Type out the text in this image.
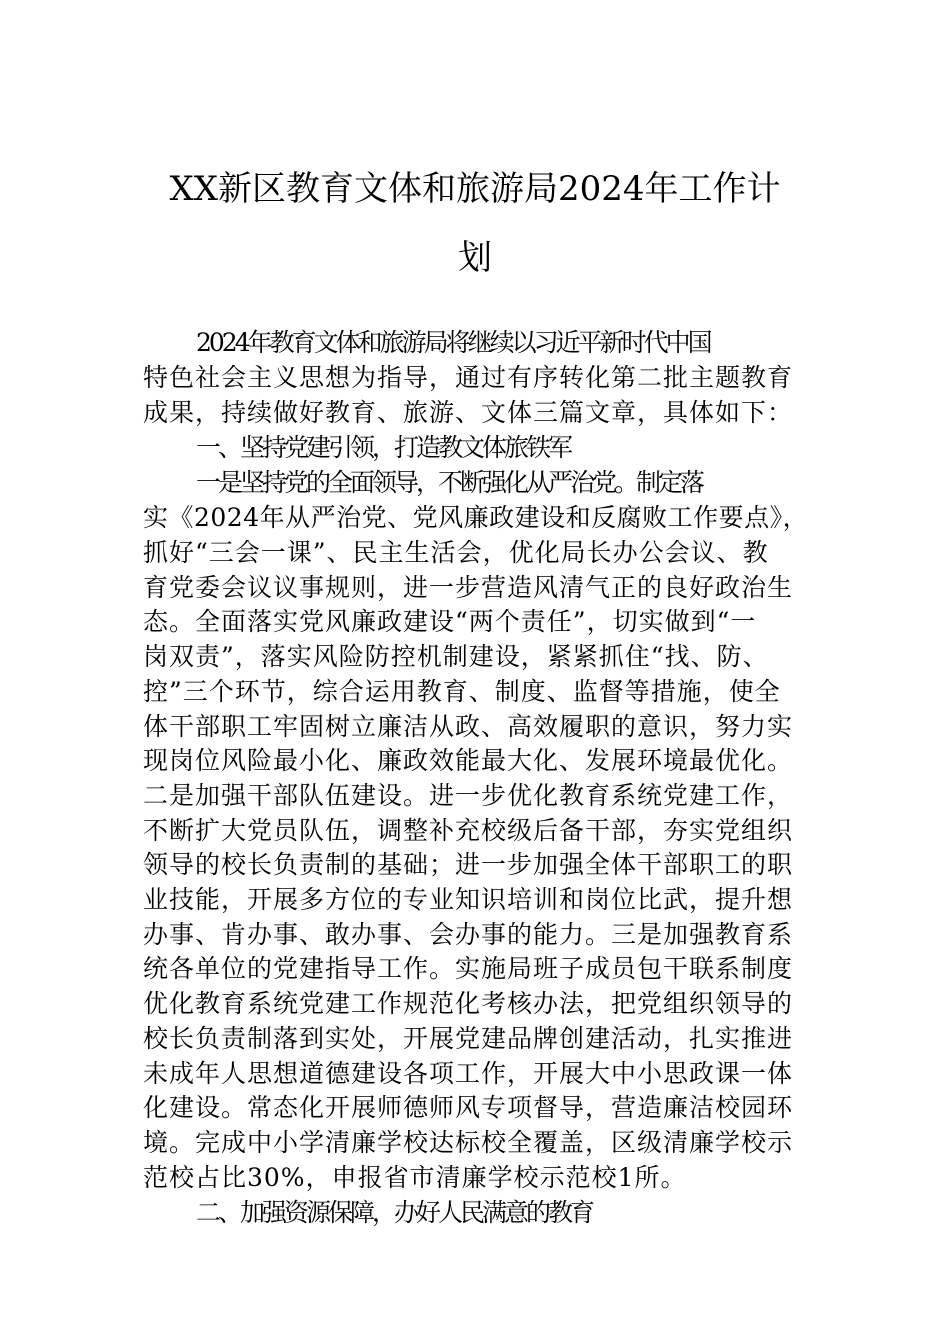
XX新区教育文体和旅游局2024年工作计
划
2024年教育文体和旅游局将继续以习近平新时代中国
特色社会主义思想为指导，通过有序转化第二批主题教育
成果，持续做好教育、旅游、文体三篇文章，具体如下：
一、坚持党建引领，打造教文体旅铁军
一是坚持党的全面领导，不断强化从严治党。制定落
实《2024年从严治党、党风廉政建设和反腐败工作要点》，
抓好“三会一课”、民主生活会，优化局长办公会议、教
育党委会议议事规则，进一步营造风清气正的良好政治生
态。全面落实党风廉政建设“两个责任”，切实做到“一
岗双责”，落实风险防控机制建设，紧紧抓住“找、防、
控”三个环节，综合运用教育、制度、监督等措施，使全
体干部职工牢固树立廉洁从政、高效履职的意识，努力实
现岗位风险最小化、廉政效能最大化、发展环境最优化。
二是加强干部队伍建设。进一步优化教育系统党建工作，
不断扩大党员队伍，调整补充校级后备干部，夯实党组织
领导的校长负责制的基础；进一步加强全体干部职工的职
业技能，开展多方位的专业知识培训和岗位比武，提升想
办事、肯办事、敢办事、会办事的能力。三是加强教育系
统各单位的党建指导工作。实施局班子成员包干联系制度
优化教育系统党建工作规范化考核办法，把党组织领导的
校长负责制落到实处，开展党建品牌创建活动，扎实推进
未成年人思想道德建设各项工作，开展大中小思政课一体
化建设。常态化开展师德师风专项督导，营造廉洁校园环
境。完成中小学清廉学校达标校全覆盖，区级清廉学校示
范校占比30%，申报省市清廉学校示范校1所。
二、加强资源保障，办好人民满意的教育
